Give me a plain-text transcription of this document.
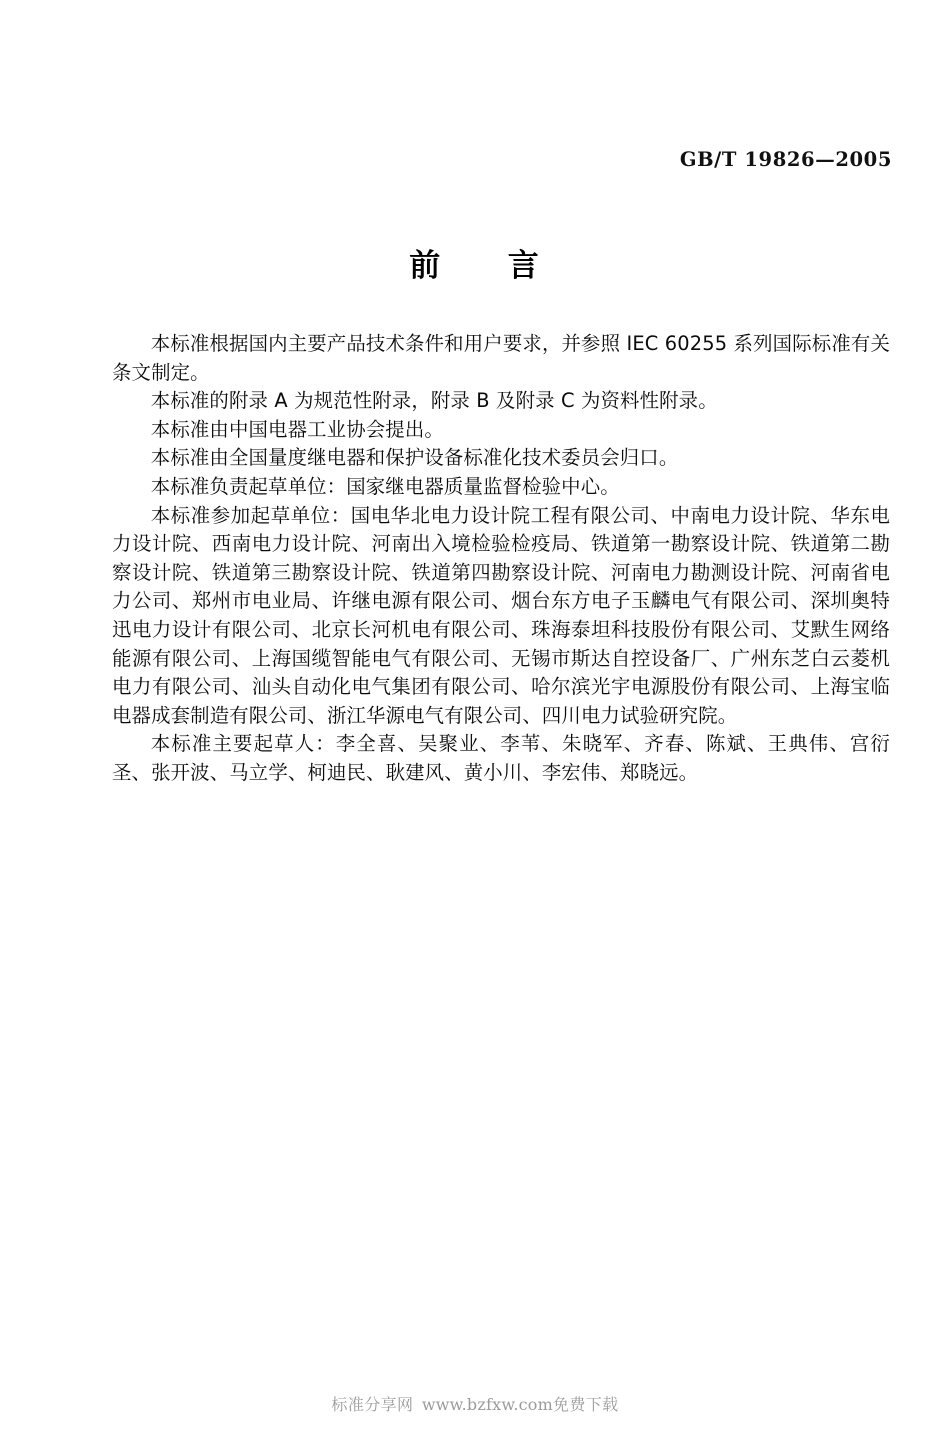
GB/T 19826—2005
前 言

本标准根据国内主要产品技术条件和用户要求，并参照 IEC 60255 系列国际标准有关条文制定。

本标准的附录 A 为规范性附录，附录 B 及附录 C 为资料性附录。

本标准由中国电器工业协会提出。

本标准由全国量度继电器和保护设备标准化技术委员会归口。

本标准负责起草单位：国家继电器质量监督检验中心。

本标准参加起草单位：国电华北电力设计院工程有限公司、中南电力设计院、华东电力设计院、西南电力设计院、河南出入境检验检疫局、铁道第一勘察设计院、铁道第二勘察设计院、铁道第三勘察设计院、铁道第四勘察设计院、河南电力勘测设计院、河南省电力公司、郑州市电业局、许继电源有限公司、烟台东方电子玉麟电气有限公司、深圳奥特迅电力设计有限公司、北京长河机电有限公司、珠海泰坦科技股份有限公司、艾默生网络能源有限公司、上海国缆智能电气有限公司、无锡市斯达自控设备厂、广州东芝白云菱机电力有限公司、汕头自动化电气集团有限公司、哈尔滨光宇电源股份有限公司、上海宝临电器成套制造有限公司、浙江华源电气有限公司、四川电力试验研究院。

本标准主要起草人：李全喜、吴聚业、李苇、朱晓军、齐春、陈斌、王典伟、宫衍圣、张开波、马立学、柯迪民、耿建风、黄小川、李宏伟、郑晓远。

标准分享网 www.bzfxw.com免费下载
